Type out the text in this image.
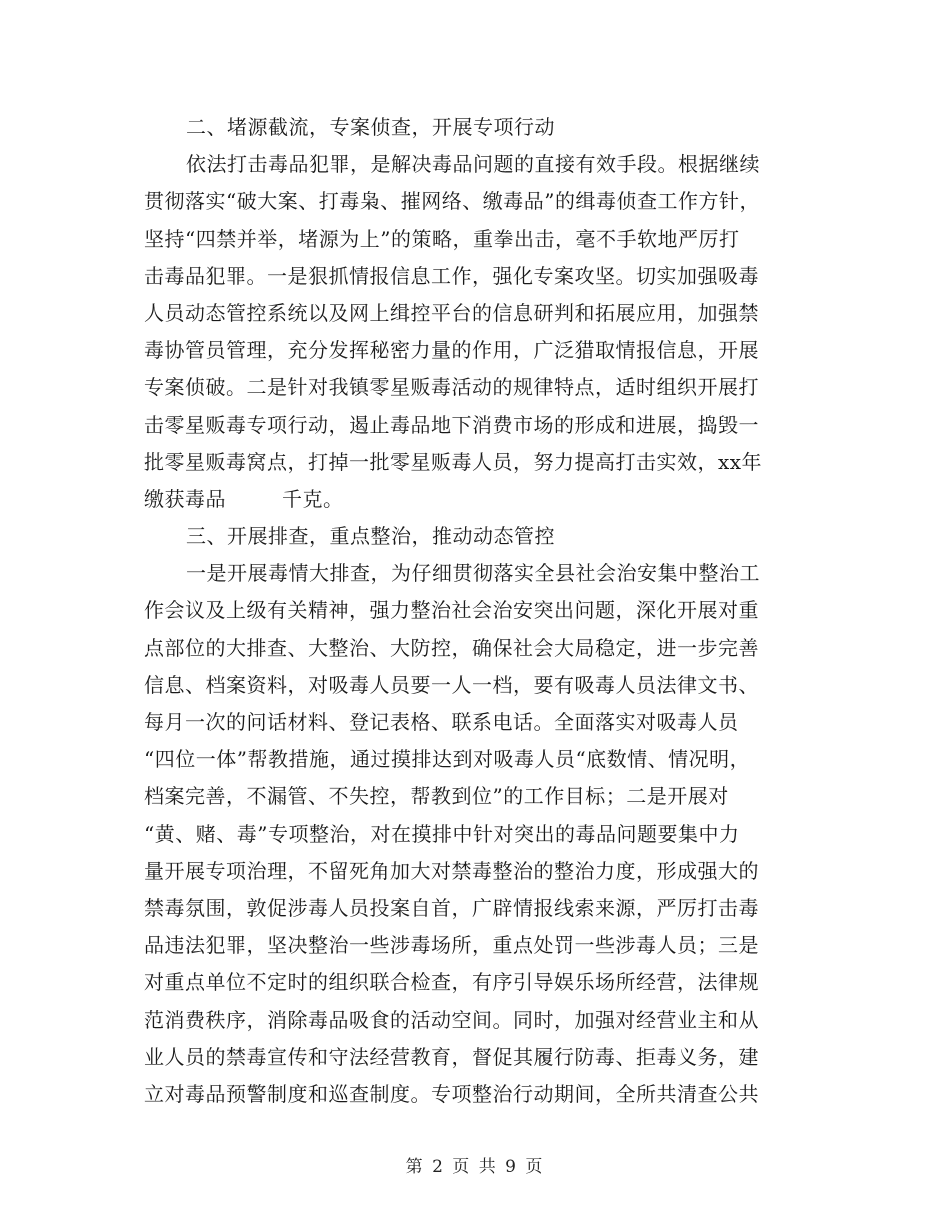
二、堵源截流，专案侦查，开展专项行动
依法打击毒品犯罪，是解决毒品问题的直接有效手段。根据继续
贯彻落实“破大案、打毒枭、摧网络、缴毒品”的缉毒侦查工作方针，
坚持“四禁并举，堵源为上”的策略，重拳出击，毫不手软地严厉打
击毒品犯罪。一是狠抓情报信息工作，强化专案攻坚。切实加强吸毒
人员动态管控系统以及网上缉控平台的信息研判和拓展应用，加强禁
毒协管员管理，充分发挥秘密力量的作用，广泛猎取情报信息，开展
专案侦破。二是针对我镇零星贩毒活动的规律特点，适时组织开展打
击零星贩毒专项行动，遏止毒品地下消费市场的形成和进展，捣毁一
批零星贩毒窝点，打掉一批零星贩毒人员，努力提高打击实效，xx年
缴获毒品	千克。
三、开展排查，重点整治，推动动态管控
一是开展毒情大排查，为仔细贯彻落实全县社会治安集中整治工
作会议及上级有关精神，强力整治社会治安突出问题，深化开展对重
点部位的大排查、大整治、大防控，确保社会大局稳定，进一步完善
信息、档案资料，对吸毒人员要一人一档，要有吸毒人员法律文书、
每月一次的问话材料、登记表格、联系电话。全面落实对吸毒人员
“四位一体”帮教措施，通过摸排达到对吸毒人员“底数情、情况明，
档案完善，不漏管、不失控，帮教到位”的工作目标；二是开展对
“黄、赌、毒”专项整治，对在摸排中针对突出的毒品问题要集中力
量开展专项治理，不留死角加大对禁毒整治的整治力度，形成强大的
禁毒氛围，敦促涉毒人员投案自首，广辟情报线索来源，严厉打击毒
品违法犯罪，坚决整治一些涉毒场所，重点处罚一些涉毒人员；三是
对重点单位不定时的组织联合检查，有序引导娱乐场所经营，法律规
范消费秩序，消除毒品吸食的活动空间。同时，加强对经营业主和从
业人员的禁毒宣传和守法经营教育，督促其履行防毒、拒毒义务，建
立对毒品预警制度和巡查制度。专项整治行动期间，全所共清查公共
第 2 页 共 9 页
